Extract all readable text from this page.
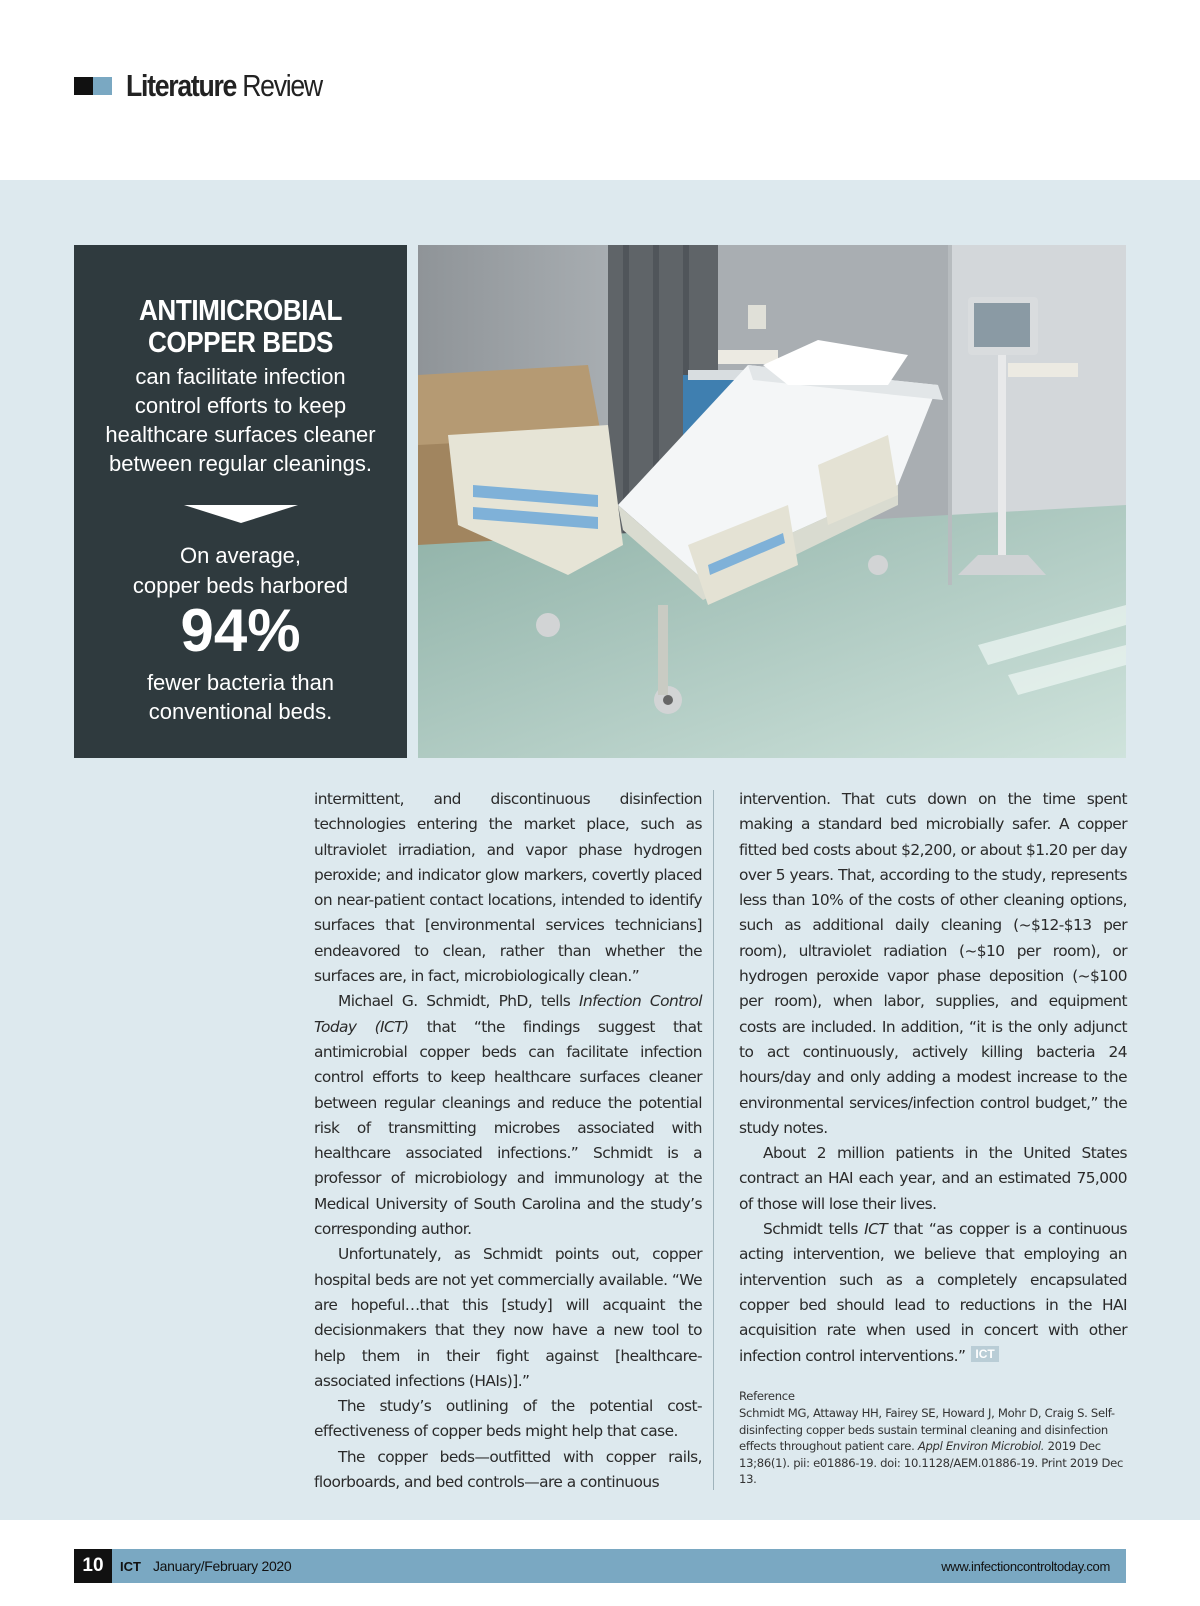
Literature Review
ANTIMICROBIAL
COPPER BEDS
can facilitate infection
control efforts to keep
healthcare surfaces cleaner
between regular cleanings.
On average,
copper beds harbored
94%
fewer bacteria than
conventional beds.

intermittent, and discontinuous disinfection technologies entering the market place, such as ultraviolet irradiation, and vapor phase hydrogen peroxide; and indicator glow markers, covertly placed on near-patient contact locations, intended to identify surfaces that [environmental services technicians] endeavored to clean, rather than whether the surfaces are, in fact, microbiologically clean.”

Michael G. Schmidt, PhD, tells Infection Control Today (ICT) that “the findings suggest that antimicrobial copper beds can facilitate infection control efforts to keep healthcare surfaces cleaner between regular cleanings and reduce the potential risk of transmitting microbes associated with healthcare associated infections.” Schmidt is a professor of microbiology and immunology at the Medical University of South Carolina and the study’s corresponding author.

Unfortunately, as Schmidt points out, copper hospital beds are not yet commercially available. “We are hopeful…that this [study] will acquaint the decisionmakers that they now have a new tool to help them in their fight against [healthcare-associated infections (HAIs)].”

The study’s outlining of the potential cost-effectiveness of copper beds might help that case.

The copper beds—outfitted with copper rails, floorboards, and bed controls—are a continuous

intervention. That cuts down on the time spent making a standard bed microbially safer. A copper fitted bed costs about $2,200, or about $1.20 per day over 5 years. That, according to the study, represents less than 10% of the costs of other cleaning options, such as additional daily cleaning (~$12-$13 per room), ultraviolet radiation (~$10 per room), or hydrogen peroxide vapor phase deposition (~$100 per room), when labor, supplies, and equipment costs are included. In addition, “it is the only adjunct to act continuously, actively killing bacteria 24 hours/day and only adding a modest increase to the environmental services/infection control budget,” the study notes.

About 2 million patients in the United States contract an HAI each year, and an estimated 75,000 of those will lose their lives.

Schmidt tells ICT that “as copper is a continuous acting intervention, we believe that employing an intervention such as a completely encapsulated copper bed should lead to reductions in the HAI acquisition rate when used in concert with other infection control interventions.” ICT

Reference
Schmidt MG, Attaway HH, Fairey SE, Howard J, Mohr D, Craig S. Self-disinfecting copper beds sustain terminal cleaning and disinfection effects throughout patient care. Appl Environ Microbiol. 2019 Dec 13;86(1). pii: e01886-19. doi: 10.1128/AEM.01886-19. Print 2019 Dec 13.
10	ICT January/February 2020	www.infectioncontroltoday.com
